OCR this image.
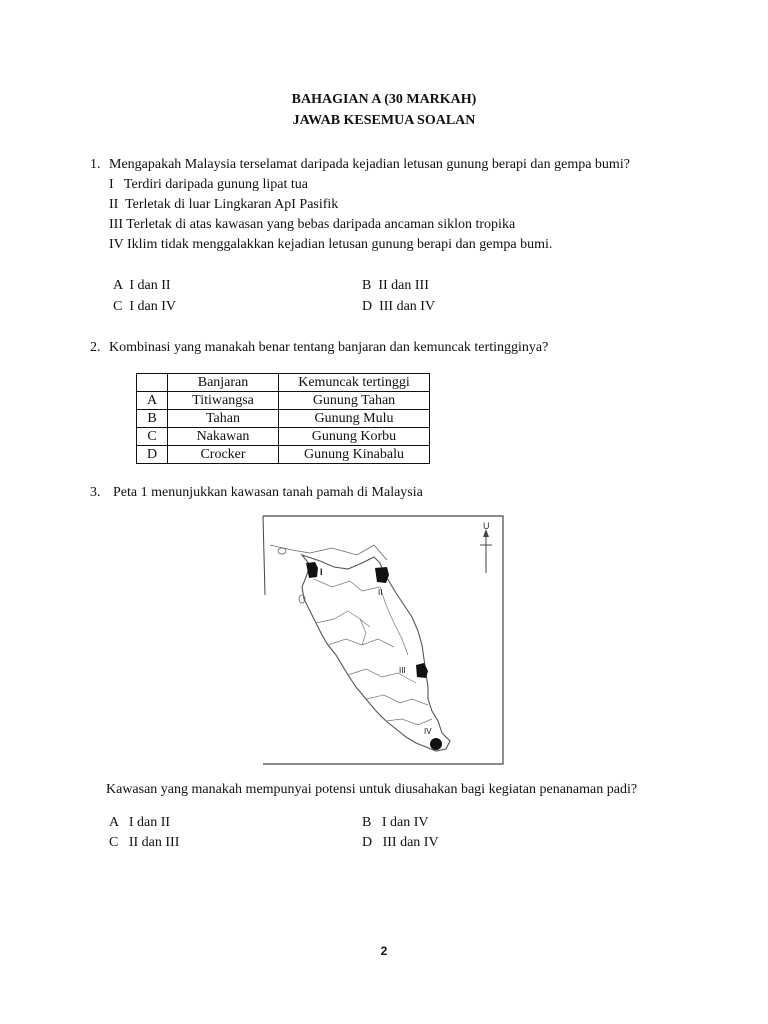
BAHAGIAN A (30 MARKAH)
JAWAB KESEMUA SOALAN
1. Mengapakah Malaysia terselamat daripada kejadian letusan gunung berapi dan gempa bumi?
I   Terdiri daripada gunung lipat tua
II  Terletak di luar Lingkaran ApI Pasifik
III Terletak di atas kawasan yang bebas daripada ancaman siklon tropika
IV Iklim tidak menggalakkan kejadian letusan gunung berapi dan gempa bumi.
A  I dan II	B  II dan III
C  I dan IV	D  III dan IV
2. Kombinasi yang manakah benar tentang banjaran dan kemuncak tertingginya?
	Banjaran	Kemuncak tertinggi
A	Titiwangsa	Gunung Tahan
B	Tahan	Gunung Mulu
C	Nakawan	Gunung Korbu
D	Crocker	Gunung Kinabalu
3. Peta 1 menunjukkan kawasan tanah pamah di Malaysia
U
I
II
III
IV
Kawasan yang manakah mempunyai potensi untuk diusahakan bagi kegiatan penanaman padi?
A   I dan II	B   I dan IV
C   II dan III	D   III dan IV
2
